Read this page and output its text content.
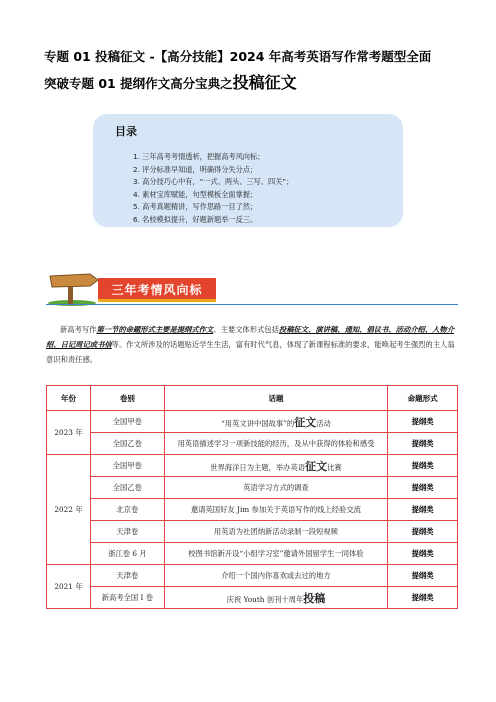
专题 01 投稿征文 -【高分技能】2024 年高考英语写作常考题型全面
突破专题 01 提纲作文高分宝典之投稿征文
目录
1. 三年高考考情透析，把握高考风向标；
2. 评分标准早知道，明确得分失分点；
3. 高分技巧心中有，“一式、两头、三写、四关”；
4. 素材宝库赋能，句型模板全面掌握；
5. 高考真题精讲，写作思路一目了然；
6. 名校模拟提升，好题新题举一反三。
三年考情风向标
新高考写作第一节的命题形式主要是提纲式作文。主要文体形式包括投稿征文、演讲稿、通知、倡议书、活动介绍、人物介绍、日记周记或书信等。作文所涉及的话题贴近学生生活，富有时代气息，体现了新课程标准的要求，能唤起考生强烈的主人翁意识和责任感。
年份	卷别	话题	命题形式
2023 年	全国甲卷	“用英文讲中国故事”的征文活动	提纲类
	全国乙卷	用英语描述学习一项新技能的经历，及从中获得的体验和感受	提纲类
2022 年	全国甲卷	世界海洋日为主题，举办英语征文比赛	提纲类
	全国乙卷	英语学习方式的调查	提纲类
	北京卷	邀请英国好友 Jim 参加关于英语写作的线上经验交流	提纲类
	天津卷	用英语为社团纳新活动录制一段短视频	提纲类
	浙江卷 6 月	校图书馆新开设“小组学习室”邀请外国留学生一同体验	提纲类
2021 年	天津卷	介绍一个国内你喜欢或去过的地方	提纲类
	新高考全国 I 卷	庆祝 Youth 创刊十周年投稿	提纲类
